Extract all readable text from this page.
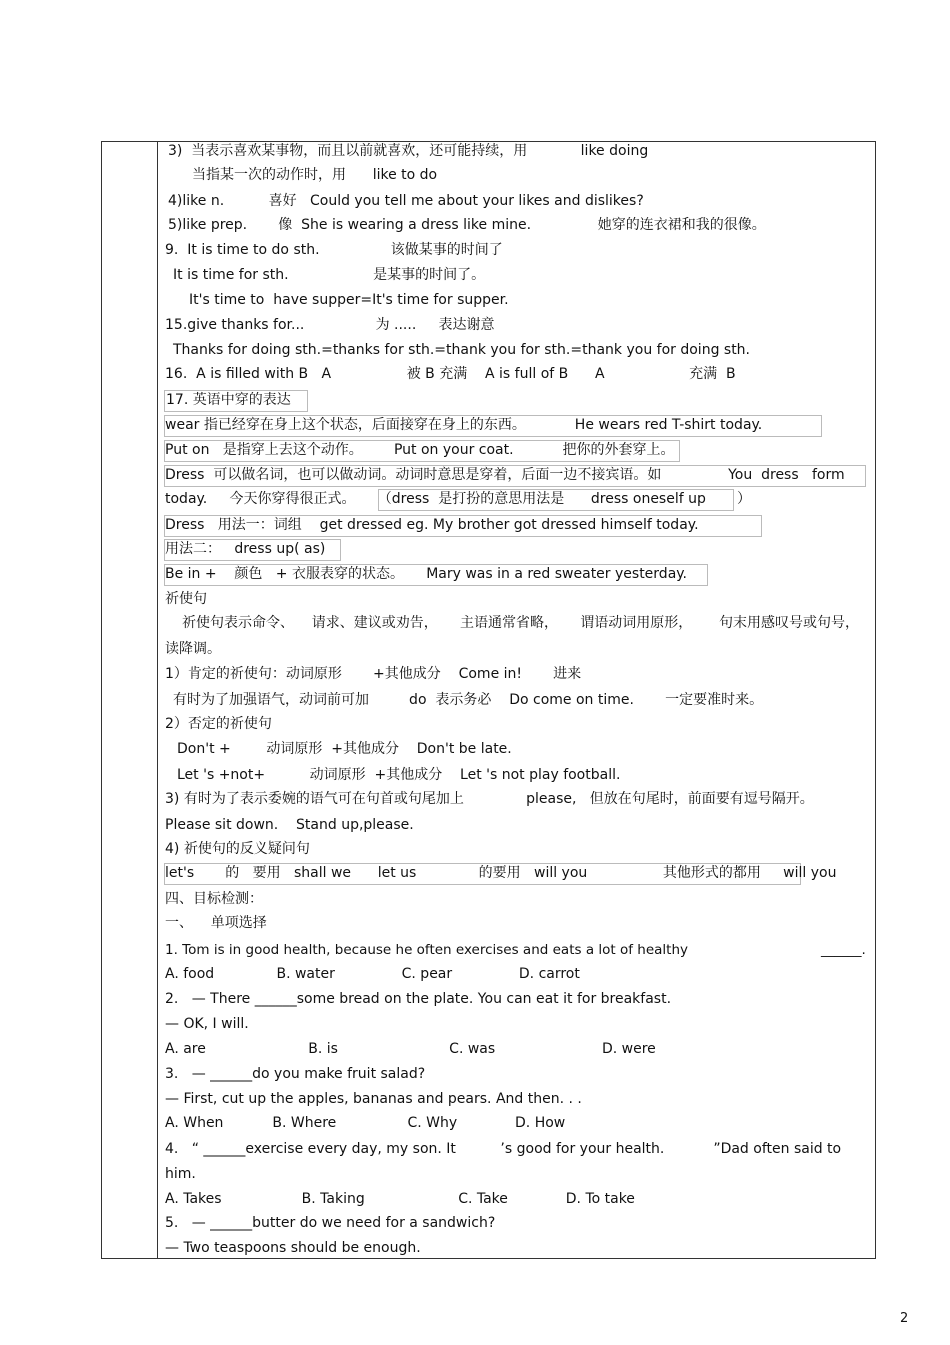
3)  当表示喜欢某事物，而且以前就喜欢，还可能持续，用            like doing
当指某一次的动作时，用      like to do
4)like n.          喜好   Could you tell me about your likes and dislikes?
5)like prep.       像  She is wearing a dress like mine.               她穿的连衣裙和我的很像。
9.  It is time to do sth.                该做某事的时间了
It is time for sth.                   是某事的时间了。
It's time to  have supper=It's time for supper.
15.give thanks for...                为 .....     表达谢意
Thanks for doing sth.=thanks for sth.=thank you for sth.=thank you for doing sth.
16.  A is filled with B   A                 被 B 充满    A is full of B      A                   充满  B
17. 英语中穿的表达
wear 指已经穿在身上这个状态，后面接穿在身上的东西。           He wears red T-shirt today.
Put on   是指穿上去这个动作。       Put on your coat.           把你的外套穿上。
Dress  可以做名词，也可以做动词。动词时意思是穿着，后面一边不接宾语。如               You  dress   form
today.     今天你穿得很正式。     （dress  是打扮的意思用法是      dress oneself up       ）
Dress   用法一：词组    get dressed eg. My brother got dressed himself today.
用法二：   dress up( as)
Be in +    颜色   + 衣服表穿的状态。     Mary was in a red sweater yesterday.
祈使句
祈使句表示命令、    请求、建议或劝告，     主语通常省略，     谓语动词用原形，      句末用感叹号或句号，
读降调。
1）肯定的祈使句：动词原形       +其他成分    Come in!       进来
有时为了加强语气，动词前可加         do  表示务必    Do come on time.       一定要准时来。
2）否定的祈使句
Don't +        动词原形  +其他成分    Don't be late.
Let 's +not+          动词原形  +其他成分    Let 's not play football.
3) 有时为了表示委婉的语气可在句首或句尾加上              please,   但放在句尾时，前面要有逗号隔开。
Please sit down.    Stand up,please.
4) 祈使句的反义疑问句
let's       的   要用   shall we      let us              的要用   will you                 其他形式的都用     will you
四、目标检测：
一、    单项选择
1. Tom is in good health, because he often exercises and eats a lot of healthy                               ______.
A. food              B. water               C. pear               D. carrot
2.   — There ______some bread on the plate. You can eat it for breakfast.
— OK, I will.
A. are                       B. is                         C. was                        D. were
3.   — ______do you make fruit salad?
— First, cut up the apples, bananas and pears. And then. . .
A. When           B. Where                C. Why             D. How
4.   “ ______exercise every day, my son. It          ’s good for your health.           ”Dad often said to
him.
A. Takes                  B. Taking                     C. Take             D. To take
5.   — ______butter do we need for a sandwich?
— Two teaspoons should be enough.
2
